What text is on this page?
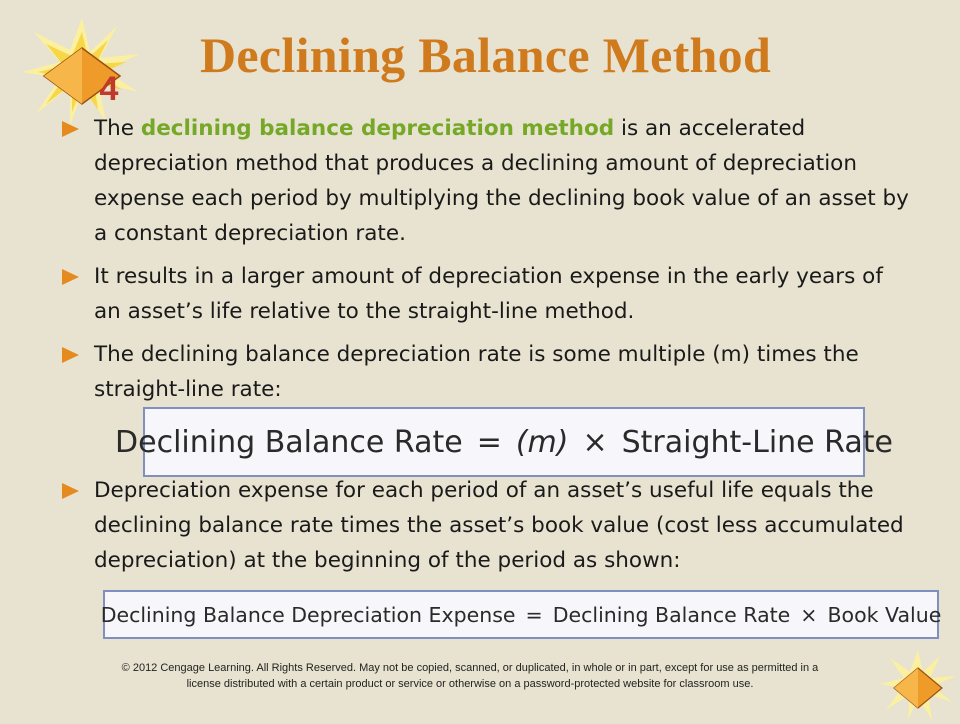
4
Declining Balance Method
The declining balance depreciation method is an accelerated depreciation method that produces a declining amount of depreciation expense each period by multiplying the declining book value of an asset by a constant depreciation rate.
It results in a larger amount of depreciation expense in the early years of an asset’s life relative to the straight-line method.
The declining balance depreciation rate is some multiple (m) times the straight-line rate:
Declining Balance Rate = (m) × Straight-Line Rate
Depreciation expense for each period of an asset’s useful life equals the declining balance rate times the asset’s book value (cost less accumulated depreciation) at the beginning of the period as shown:
Declining Balance Depreciation Expense = Declining Balance Rate × Book Value
© 2012 Cengage Learning. All Rights Reserved. May not be copied, scanned, or duplicated, in whole or in part, except for use as permitted in a
license distributed with a certain product or service or otherwise on a password-protected website for classroom use.
